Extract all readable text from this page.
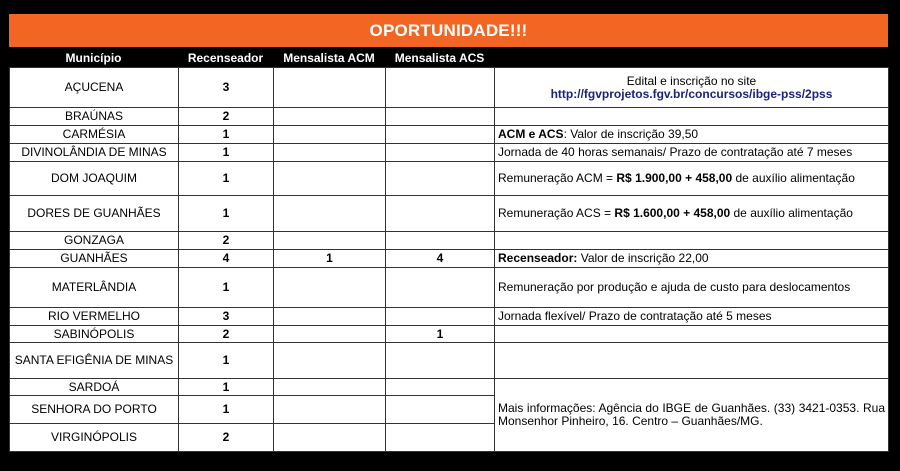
OPORTUNIDADE!!!
Município	Recenseador	Mensalista ACM	Mensalista ACS
AÇUCENA	3			Edital e inscrição no site
http://fgvprojetos.fgv.br/concursos/ibge-pss/2pss

BRAÚNAS	2			
CARMÉSIA	1			ACM e ACS: Valor de inscrição 39,50
DIVINOLÂNDIA DE MINAS	1			Jornada de 40 horas semanais/ Prazo de contratação até 7 meses
DOM JOAQUIM	1			Remuneração ACM = R$ 1.900,00 + 458,00 de auxílio alimentação
DORES DE GUANHÃES	1			Remuneração ACS = R$ 1.600,00 + 458,00 de auxílio alimentação
GONZAGA	2			
GUANHÃES	4	1	4	Recenseador: Valor de inscrição 22,00
MATERLÂNDIA	1			Remuneração por produção e ajuda de custo para deslocamentos
RIO VERMELHO	3			Jornada flexível/ Prazo de contratação até 5 meses
SABINÓPOLIS	2		1	
SANTA EFIGÊNIA DE MINAS	1			
SARDOÁ	1			Mais informações: Agência do IBGE de Guanhães. (33) 3421-0353. Rua Monsenhor Pinheiro, 16. Centro – Guanhães/MG.
SENHORA DO PORTO	1			
VIRGINÓPOLIS	2			
